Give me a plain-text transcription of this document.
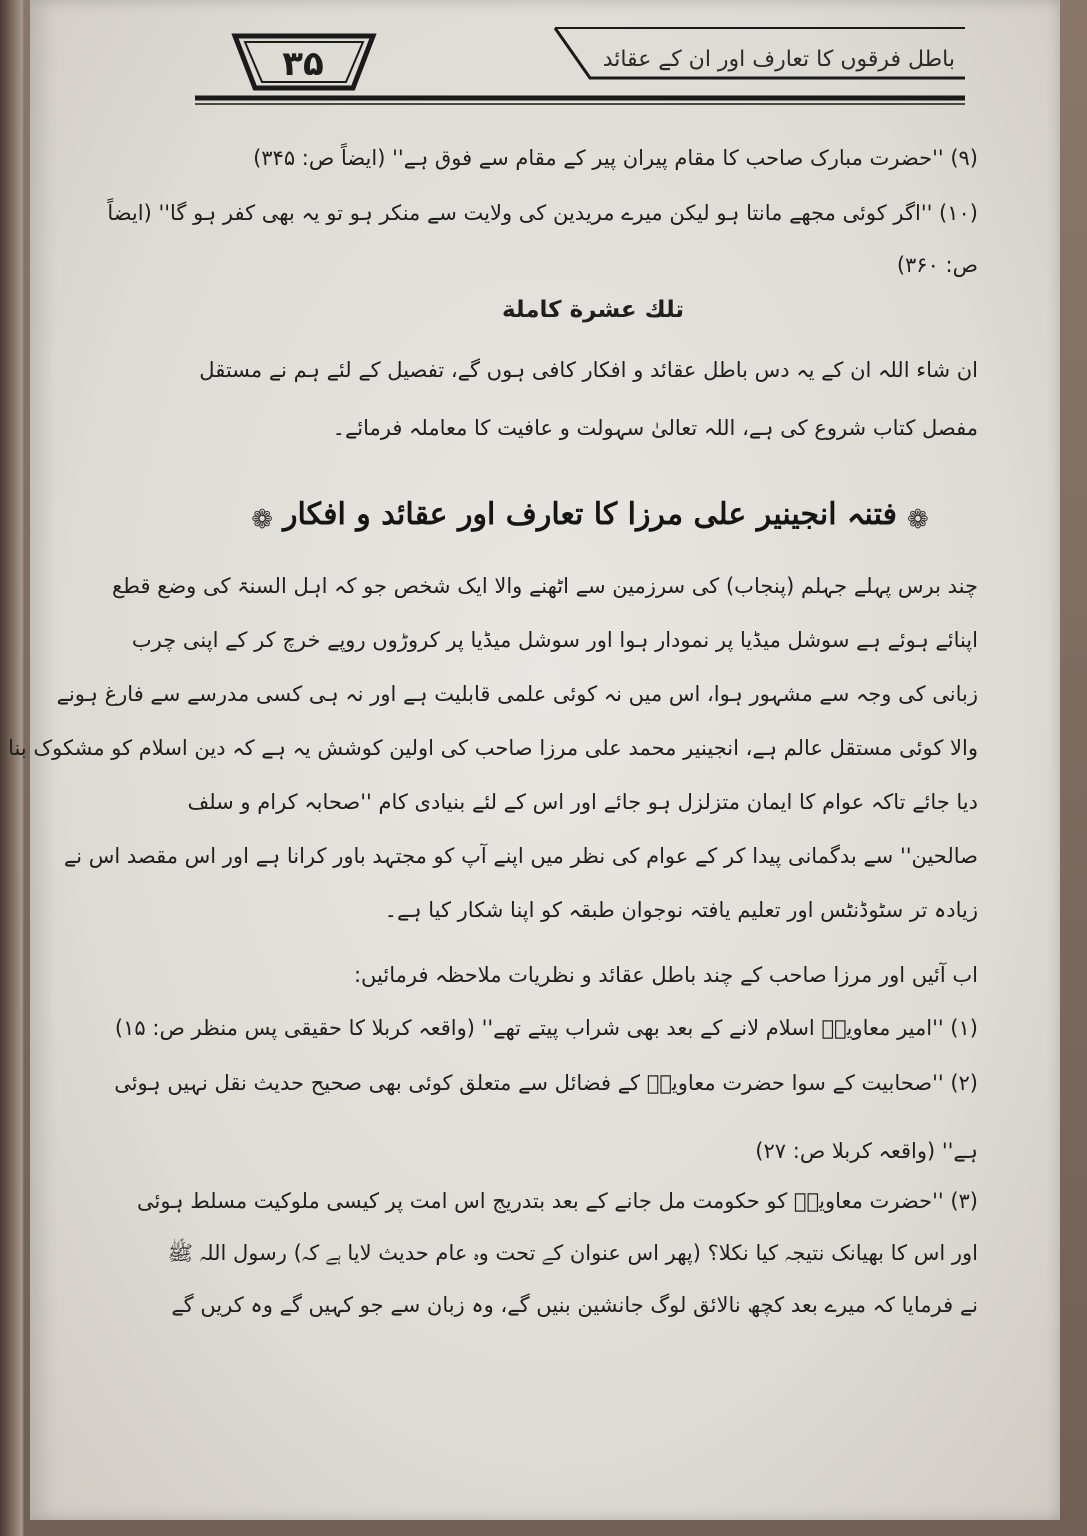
۳۵	باطل فرقوں کا تعارف اور ان کے عقائد
(۹) ''حضرت مبارک صاحب کا مقام پیران پیر کے مقام سے فوق ہے'' (ایضاً ص: ۳۴۵)
(۱۰) ''اگر کوئی مجھے مانتا ہو لیکن میرے مریدین کی ولایت سے منکر ہو تو یہ بھی کفر ہو گا'' (ایضاً
ص: ۳۶۰)
تلك عشرة كاملة
ان شاء اللہ ان کے یہ دس باطل عقائد و افکار کافی ہوں گے، تفصیل کے لئے ہم نے مستقل
مفصل کتاب شروع کی ہے، اللہ تعالیٰ سہولت و عافیت کا معاملہ فرمائے۔
❁ فتنہ انجینیر علی مرزا کا تعارف اور عقائد و افکار ❁
چند برس پہلے جہلم (پنجاب) کی سرزمین سے اٹھنے والا ایک شخص جو کہ اہل السنۃ کی وضع قطع
اپنائے ہوئے ہے سوشل میڈیا پر نمودار ہوا اور سوشل میڈیا پر کروڑوں روپے خرچ کر کے اپنی چرب
زبانی کی وجہ سے مشہور ہوا، اس میں نہ کوئی علمی قابلیت ہے اور نہ ہی کسی مدرسے سے فارغ ہونے
والا کوئی مستقل عالم ہے، انجینیر محمد علی مرزا صاحب کی اولین کوشش یہ ہے کہ دین اسلام کو مشکوک بنا
دیا جائے تاکہ عوام کا ایمان متزلزل ہو جائے اور اس کے لئے بنیادی کام ''صحابہ کرام و سلف
صالحین'' سے بدگمانی پیدا کر کے عوام کی نظر میں اپنے آپ کو مجتہد باور کرانا ہے اور اس مقصد اس نے
زیادہ تر سٹوڈنٹس اور تعلیم یافتہ نوجوان طبقہ کو اپنا شکار کیا ہے۔
اب آئیں اور مرزا صاحب کے چند باطل عقائد و نظریات ملاحظہ فرمائیں:
(۱) ''امیر معاویہؓ اسلام لانے کے بعد بھی شراب پیتے تھے'' (واقعہ کربلا کا حقیقی پس منظر ص: ۱۵)
(۲) ''صحابیت کے سوا حضرت معاویہؓ کے فضائل سے متعلق کوئی بھی صحیح حدیث نقل نہیں ہوئی
ہے'' (واقعہ کربلا ص: ۲۷)
(۳) ''حضرت معاویہؓ کو حکومت مل جانے کے بعد بتدریج اس امت پر کیسی ملوکیت مسلط ہوئی
اور اس کا بھیانک نتیجہ کیا نکلا؟ (پھر اس عنوان کے تحت وہ عام حدیث لایا ہے کہ) رسول اللہ ﷺ
نے فرمایا کہ میرے بعد کچھ نالائق لوگ جانشین بنیں گے، وہ زبان سے جو کہیں گے وہ کریں گے
